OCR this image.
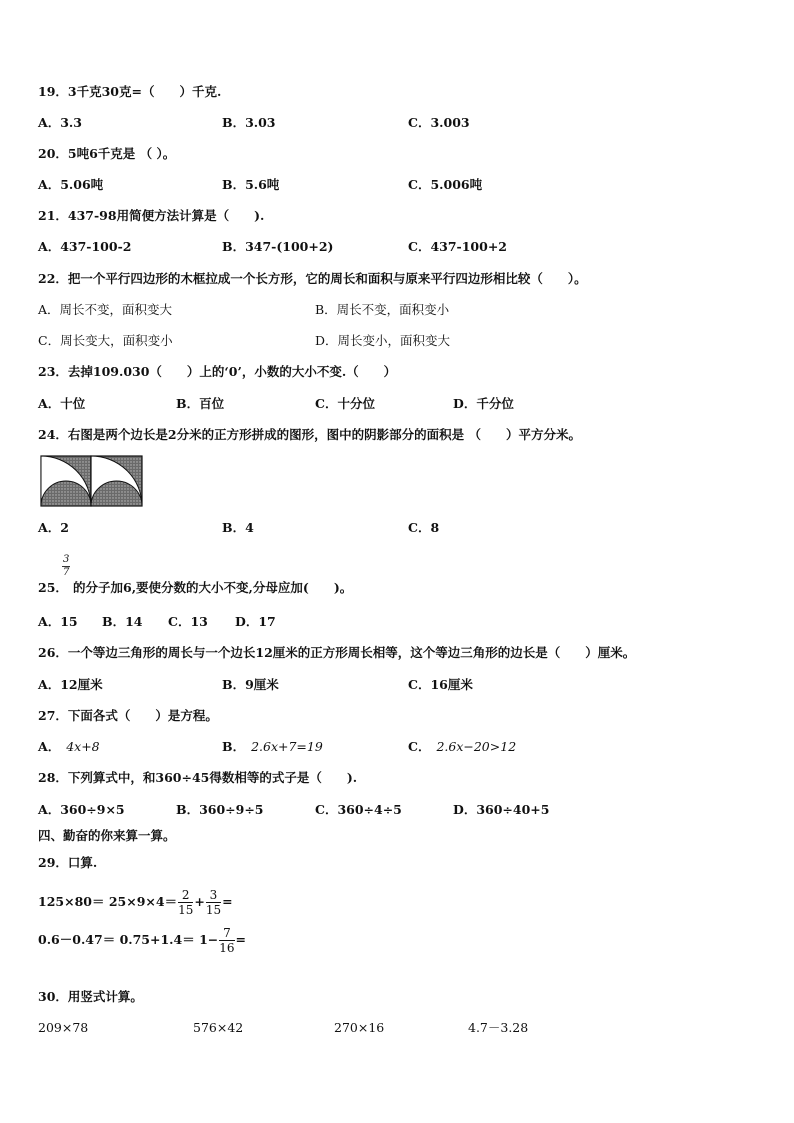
19．3千克30克=（　　）千克.
A．3.3	B．3.03	C．3.003
20．5吨6千克是 （ ）。
A．5.06吨	B．5.6吨	C．5.006吨
21．437-98用简便方法计算是（　　).
A．437-100-2	B．347-(100+2)	C．437-100+2
22．把一个平行四边形的木框拉成一个长方形，它的周长和面积与原来平行四边形相比较（　　）。
A．周长不变，面积变大	B．周长不变，面积变小
C．周长变大，面积变小	D．周长变小，面积变大
23．去掉109.030（　　）上的‘0’，小数的大小不变.（　　）
A．十位	B．百位	C．十分位	D．千分位
24．右图是两个边长是2分米的正方形拼成的图形，图中的阴影部分的面积是 （　　）平方分米。
A．2	B．4	C．8
$\frac{3}{7}$
25． 的分子加6,要使分数的大小不变,分母应加(　　)。
A．15 B．14 C．13 D．17
26．一个等边三角形的周长与一个边长12厘米的正方形周长相等，这个等边三角形的边长是（　　）厘米。
A．12厘米	B．9厘米	C．16厘米
27．下面各式（　　）是方程。
A． 4x+8	B． 2.6x+7=19	C． 2.6x−20>12
28．下列算式中，和360÷45得数相等的式子是（　　).
A．360÷9×5	B．360÷9÷5	C．360÷4÷5	D．360÷40+5
四、勤奋的你来算一算。
29．口算.
$125\times 80= 25\times 9\times 4= \frac{2}{15} + \frac{3}{15}$ =
$0.6-0.47= 0.75+1.4= 1- \frac{7}{16}$ =
30．用竖式计算。
209×78	576×42	270×16	4.7－3.28
